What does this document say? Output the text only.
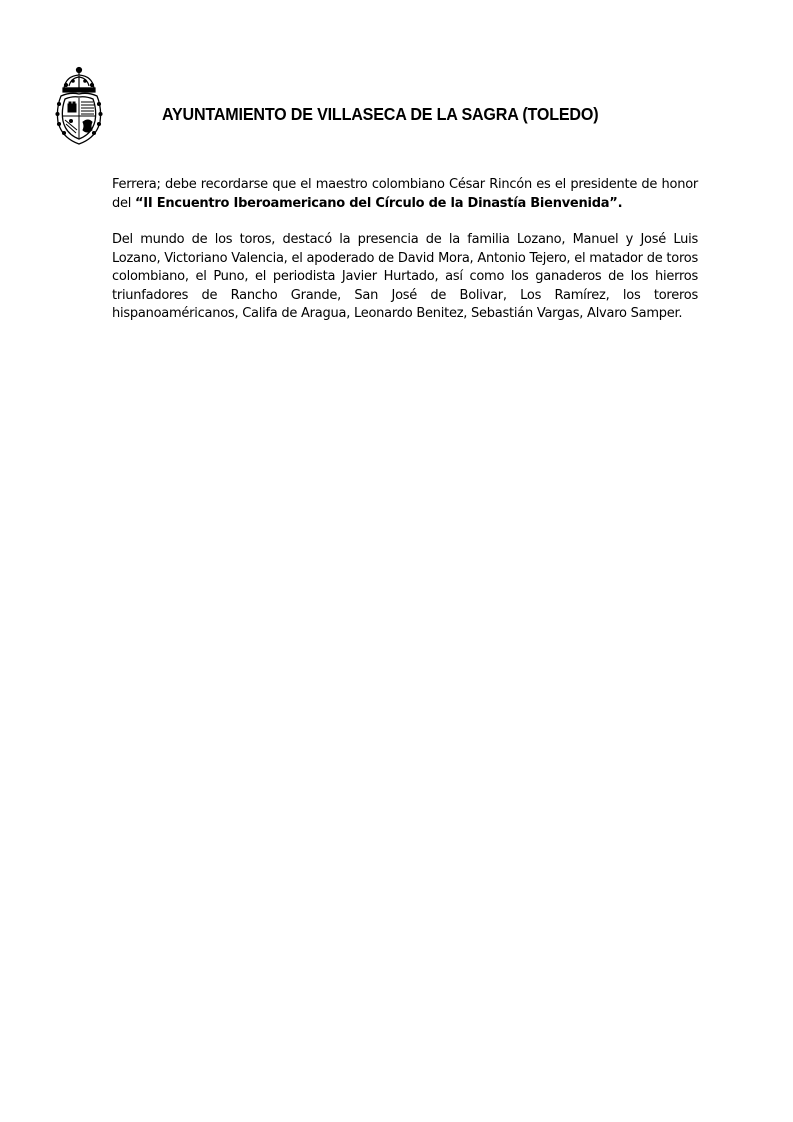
AYUNTAMIENTO DE VILLASECA DE LA SAGRA (TOLEDO)

Ferrera; debe recordarse que el maestro colombiano César Rincón es el presidente de honor del “II Encuentro Iberoamericano del Círculo de la Dinastía Bienvenida”.

Del mundo de los toros, destacó la presencia de la familia Lozano, Manuel y José Luis Lozano, Victoriano Valencia, el apoderado de David Mora, Antonio Tejero, el matador de toros colombiano, el Puno, el periodista Javier Hurtado, así como los ganaderos de los hierros triunfadores de Rancho Grande, San José de Bolivar, Los Ramírez, los toreros hispanoaméricanos, Califa de Aragua, Leonardo Benitez, Sebastián Vargas, Alvaro Samper.
